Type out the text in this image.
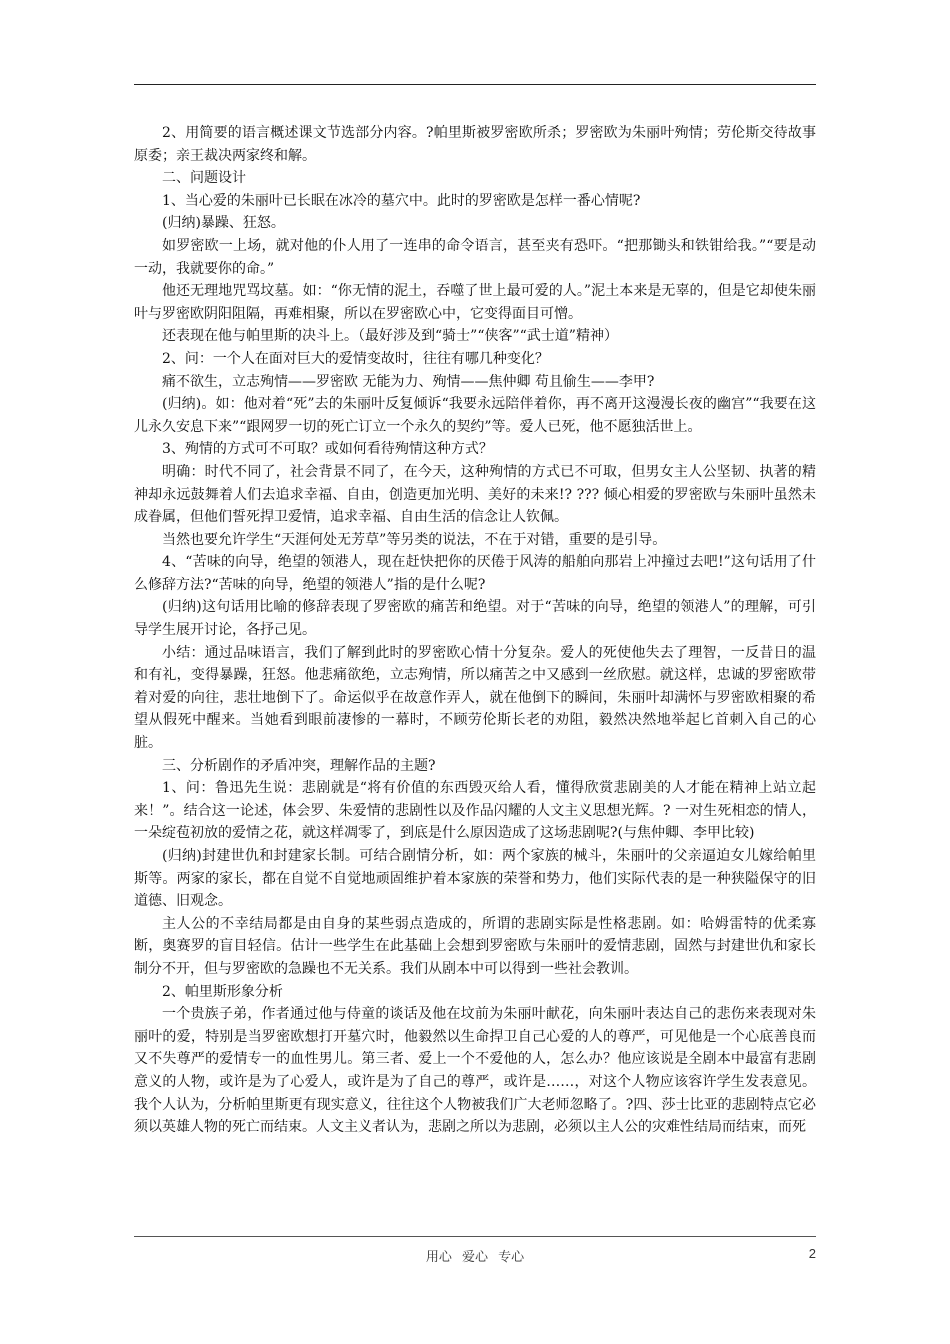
2、用简要的语言概述课文节选部分内容。?帕里斯被罗密欧所杀；罗密欧为朱丽叶殉情；劳伦斯交待故事原委；亲王裁决两家终和解。

二、问题设计

1、当心爱的朱丽叶已长眠在冰冷的墓穴中。此时的罗密欧是怎样一番心情呢?

(归纳)暴躁、狂怒。

如罗密欧一上场，就对他的仆人用了一连串的命令语言，甚至夹有恐吓。“把那锄头和铁钳给我。”“要是动一动，我就要你的命。”

他还无理地咒骂坟墓。如：“你无情的泥土，吞噬了世上最可爱的人。”泥土本来是无辜的，但是它却使朱丽叶与罗密欧阴阳阻隔，再难相聚，所以在罗密欧心中，它变得面目可憎。

还表现在他与帕里斯的决斗上。（最好涉及到“骑士”“侠客”“武士道”精神）

2、问：一个人在面对巨大的爱情变故时，往往有哪几种变化？

痛不欲生，立志殉情——罗密欧 无能为力、殉情——焦仲卿 苟且偷生——李甲?

(归纳)。如：他对着“死”去的朱丽叶反复倾诉“我要永远陪伴着你，再不离开这漫漫长夜的幽宫”“我要在这儿永久安息下来”“跟网罗一切的死亡订立一个永久的契约”等。爱人已死，他不愿独活世上。

3、殉情的方式可不可取？或如何看待殉情这种方式？

明确：时代不同了，社会背景不同了，在今天，这种殉情的方式已不可取，但男女主人公坚韧、执著的精神却永远鼓舞着人们去追求幸福、自由，创造更加光明、美好的未来!? ??? 倾心相爱的罗密欧与朱丽叶虽然未成眷属，但他们誓死捍卫爱情，追求幸福、自由生活的信念让人钦佩。

当然也要允许学生“天涯何处无芳草”等另类的说法，不在于对错，重要的是引导。

4、“苦味的向导，绝望的领港人，现在赶快把你的厌倦于风涛的船舶向那岩上冲撞过去吧!”这句话用了什么修辞方法?“苦味的向导，绝望的领港人”指的是什么呢?

(归纳)这句话用比喻的修辞表现了罗密欧的痛苦和绝望。对于“苦味的向导，绝望的领港人”的理解，可引导学生展开讨论，各抒己见。

小结：通过品味语言，我们了解到此时的罗密欧心情十分复杂。爱人的死使他失去了理智，一反昔日的温和有礼，变得暴躁，狂怒。他悲痛欲绝，立志殉情，所以痛苦之中又感到一丝欣慰。就这样，忠诚的罗密欧带着对爱的向往，悲壮地倒下了。命运似乎在故意作弄人，就在他倒下的瞬间，朱丽叶却满怀与罗密欧相聚的希望从假死中醒来。当她看到眼前凄惨的一幕时，不顾劳伦斯长老的劝阻，毅然决然地举起匕首刺入自己的心脏。

三、分析剧作的矛盾冲突，理解作品的主题?

1、问：鲁迅先生说：悲剧就是“将有价值的东西毁灭给人看，懂得欣赏悲剧美的人才能在精神上站立起来！”。结合这一论述，体会罗、朱爱情的悲剧性以及作品闪耀的人文主义思想光辉。? 一对生死相恋的情人，一朵绽苞初放的爱情之花，就这样凋零了，到底是什么原因造成了这场悲剧呢?(与焦仲卿、李甲比较)

(归纳)封建世仇和封建家长制。可结合剧情分析，如：两个家族的械斗，朱丽叶的父亲逼迫女儿嫁给帕里斯等。两家的家长，都在自觉不自觉地顽固维护着本家族的荣誉和势力，他们实际代表的是一种狭隘保守的旧道德、旧观念。

主人公的不幸结局都是由自身的某些弱点造成的，所谓的悲剧实际是性格悲剧。如：哈姆雷特的优柔寡断，奥赛罗的盲目轻信。估计一些学生在此基础上会想到罗密欧与朱丽叶的爱情悲剧，固然与封建世仇和家长制分不开，但与罗密欧的急躁也不无关系。我们从剧本中可以得到一些社会教训。

2、帕里斯形象分析

一个贵族子弟，作者通过他与侍童的谈话及他在坟前为朱丽叶献花，向朱丽叶表达自己的悲伤来表现对朱丽叶的爱，特别是当罗密欧想打开墓穴时，他毅然以生命捍卫自己心爱的人的尊严，可见他是一个心底善良而又不失尊严的爱情专一的血性男儿。第三者、爱上一个不爱他的人，怎么办？他应该说是全剧本中最富有悲剧意义的人物，或许是为了心爱人，或许是为了自己的尊严，或许是……，对这个人物应该容许学生发表意见。我个人认为，分析帕里斯更有现实意义，往往这个人物被我们广大老师忽略了。?四、莎士比亚的悲剧特点它必须以英雄人物的死亡而结束。人文主义者认为，悲剧之所以为悲剧，必须以主人公的灾难性结局而结束，而死

用心 爱心 专心	2
